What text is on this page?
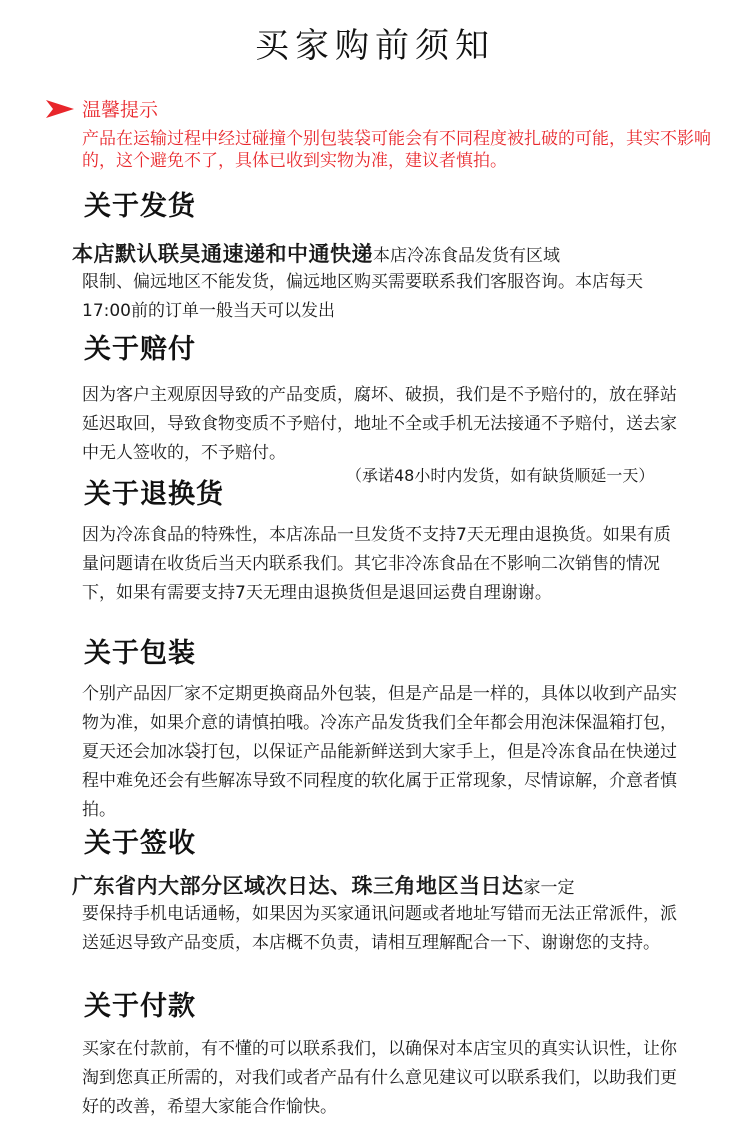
买家购前须知
温馨提示
产品在运输过程中经过碰撞个别包装袋可能会有不同程度被扎破的可能，其实不影响的，这个避免不了，具体已收到实物为准，建议者慎拍。
关于发货
本店默认联昊通速递和中通快递本店冷冻食品发货有区域
限制、偏远地区不能发货，偏远地区购买需要联系我们客服咨询。本店每天17:00前的订单一般当天可以发出
关于赔付
因为客户主观原因导致的产品变质，腐坏、破损，我们是不予赔付的，放在驿站延迟取回，导致食物变质不予赔付，地址不全或手机无法接通不予赔付，送去家中无人签收的，不予赔付。
（承诺48小时内发货，如有缺货顺延一天）
关于退换货
因为冷冻食品的特殊性，本店冻品一旦发货不支持7天无理由退换货。如果有质量问题请在收货后当天内联系我们。其它非冷冻食品在不影响二次销售的情况下，如果有需要支持7天无理由退换货但是退回运费自理谢谢。
关于包装
个别产品因厂家不定期更换商品外包装，但是产品是一样的，具体以收到产品实物为准，如果介意的请慎拍哦。冷冻产品发货我们全年都会用泡沫保温箱打包，夏天还会加冰袋打包，以保证产品能新鲜送到大家手上，但是冷冻食品在快递过程中难免还会有些解冻导致不同程度的软化属于正常现象，尽情谅解，介意者慎拍。
关于签收
广东省内大部分区域次日达、珠三角地区当日达家一定
要保持手机电话通畅，如果因为买家通讯问题或者地址写错而无法正常派件，派送延迟导致产品变质，本店概不负责，请相互理解配合一下、谢谢您的支持。
关于付款
买家在付款前，有不懂的可以联系我们，以确保对本店宝贝的真实认识性，让你淘到您真正所需的，对我们或者产品有什么意见建议可以联系我们，以助我们更好的改善，希望大家能合作愉快。
